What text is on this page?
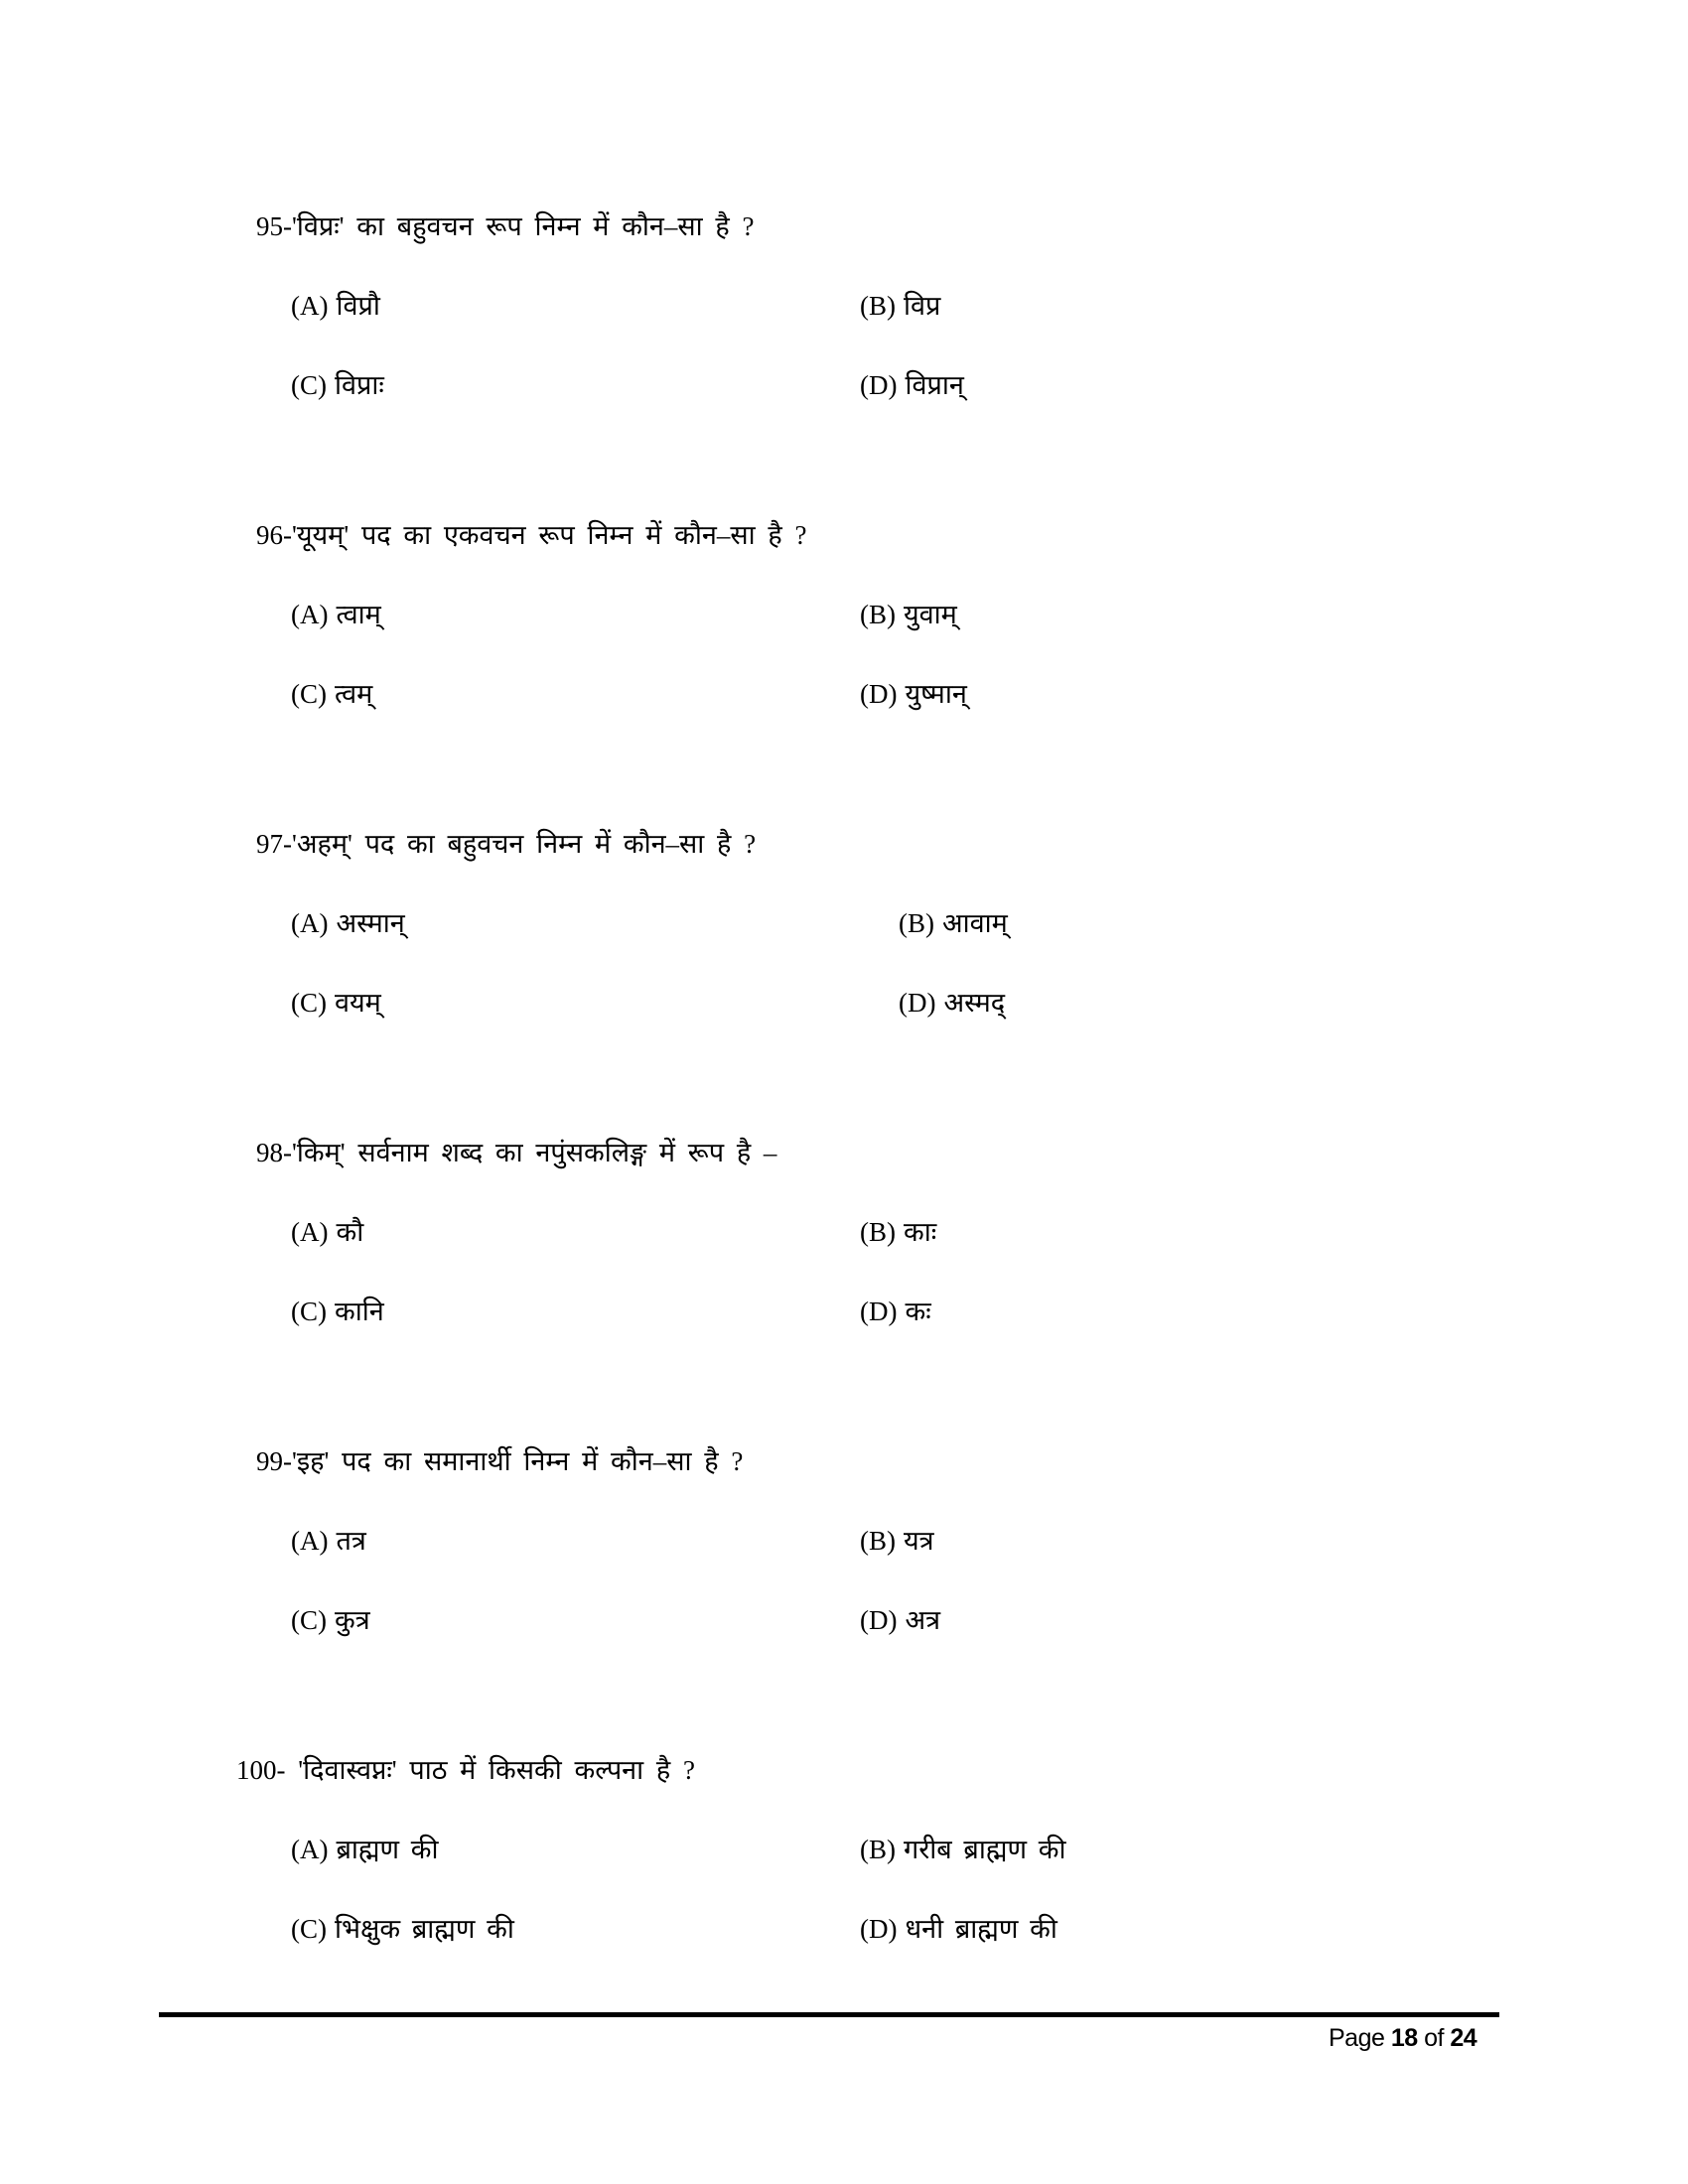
95-'विप्रः' का बहुवचन रूप निम्न में कौन–सा है ?
(A) विप्रौ	(B) विप्र
(C) विप्राः	(D) विप्रान्
96-'यूयम्' पद का एकवचन रूप निम्न में कौन–सा है ?
(A) त्वाम्	(B) युवाम्
(C) त्वम्	(D) युष्मान्
97-'अहम्' पद का बहुवचन निम्न में कौन–सा है ?
(A) अस्मान्	(B) आवाम्
(C) वयम्	(D) अस्मद्
98-'किम्' सर्वनाम शब्द का नपुंसकलिङ्ग में रूप है –
(A) कौ	(B) काः
(C) कानि	(D) कः
99-'इह' पद का समानार्थी निम्न में कौन–सा है ?
(A) तत्र	(B) यत्र
(C) कुत्र	(D) अत्र
100- 'दिवास्वप्नः' पाठ में किसकी कल्पना है ?
(A) ब्राह्मण की	(B) गरीब ब्राह्मण की
(C) भिक्षुक ब्राह्मण की	(D) धनी ब्राह्मण की
Page 18 of 24
